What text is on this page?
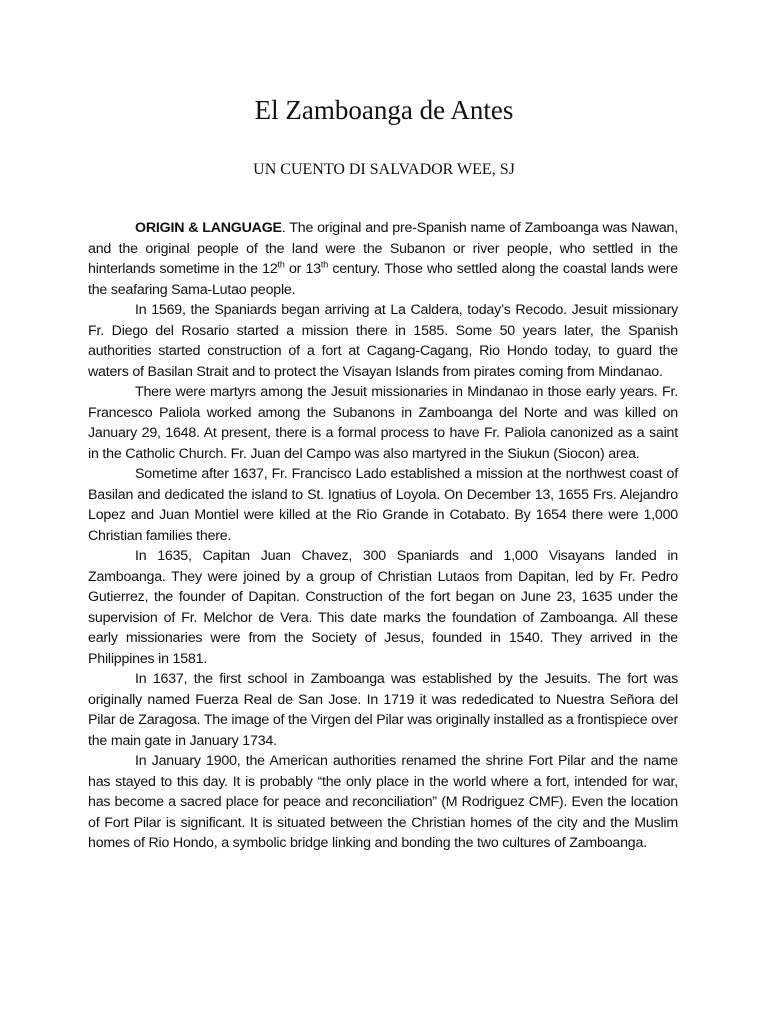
El Zamboanga de Antes
UN CUENTO DI SALVADOR WEE, SJ

ORIGIN & LANGUAGE. The original and pre-Spanish name of Zamboanga was Nawan, and the original people of the land were the Subanon or river people, who settled in the hinterlands sometime in the 12th or 13th century. Those who settled along the coastal lands were the seafaring Sama-Lutao people.

In 1569, the Spaniards began arriving at La Caldera, today’s Recodo. Jesuit missionary Fr. Diego del Rosario started a mission there in 1585. Some 50 years later, the Spanish authorities started construction of a fort at Cagang-Cagang, Rio Hondo today, to guard the waters of Basilan Strait and to protect the Visayan Islands from pirates coming from Mindanao.

There were martyrs among the Jesuit missionaries in Mindanao in those early years. Fr. Francesco Paliola worked among the Subanons in Zamboanga del Norte and was killed on January 29, 1648. At present, there is a formal process to have Fr. Paliola canonized as a saint in the Catholic Church. Fr. Juan del Campo was also martyred in the Siukun (Siocon) area.

Sometime after 1637, Fr. Francisco Lado established a mission at the northwest coast of Basilan and dedicated the island to St. Ignatius of Loyola. On December 13, 1655 Frs. Alejandro Lopez and Juan Montiel were killed at the Rio Grande in Cotabato. By 1654 there were 1,000 Christian families there.

In 1635, Capitan Juan Chavez, 300 Spaniards and 1,000 Visayans landed in Zamboanga. They were joined by a group of Christian Lutaos from Dapitan, led by Fr. Pedro Gutierrez, the founder of Dapitan. Construction of the fort began on June 23, 1635 under the supervision of Fr. Melchor de Vera. This date marks the foundation of Zamboanga. All these early missionaries were from the Society of Jesus, founded in 1540. They arrived in the Philippines in 1581.

In 1637, the first school in Zamboanga was established by the Jesuits. The fort was originally named Fuerza Real de San Jose. In 1719 it was rededicated to Nuestra Señora del Pilar de Zaragosa. The image of the Virgen del Pilar was originally installed as a frontispiece over the main gate in January 1734.

In January 1900, the American authorities renamed the shrine Fort Pilar and the name has stayed to this day. It is probably “the only place in the world where a fort, intended for war, has become a sacred place for peace and reconciliation” (M Rodriguez CMF). Even the location of Fort Pilar is significant. It is situated between the Christian homes of the city and the Muslim homes of Rio Hondo, a symbolic bridge linking and bonding the two cultures of Zamboanga.
